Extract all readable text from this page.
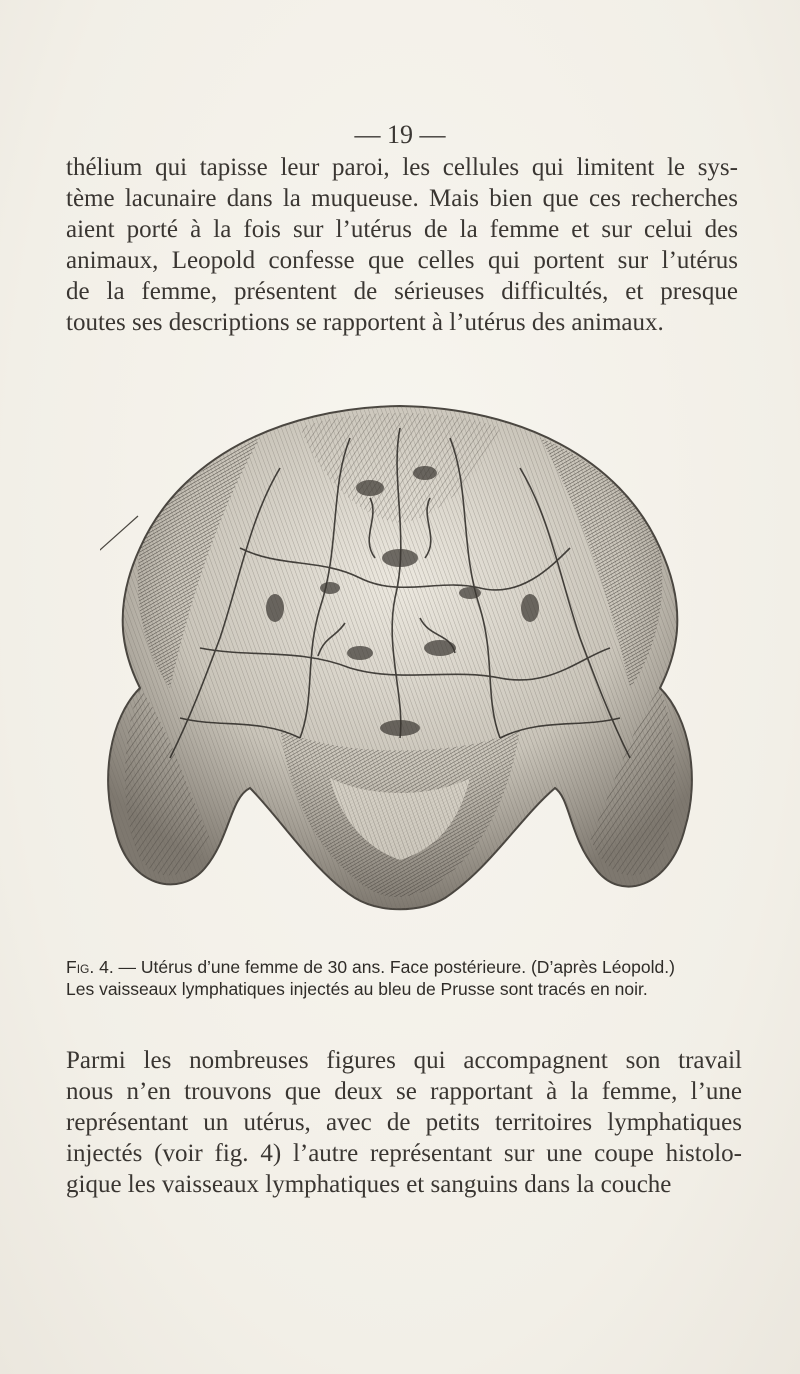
— 19 —
thélium qui tapisse leur paroi, les cellules qui limitent le sys-
tème lacunaire dans la muqueuse. Mais bien que ces recherches
aient porté à la fois sur l’utérus de la femme et sur celui des
animaux, Leopold confesse que celles qui portent sur l’utérus
de la femme, présentent de sérieuses difficultés, et presque
toutes ses descriptions se rapportent à l’utérus des animaux.
Fig. 4. — Utérus d’une femme de 30 ans. Face postérieure. (D’après Léopold.)
Les vaisseaux lymphatiques injectés au bleu de Prusse sont tracés en noir.
Parmi les nombreuses figures qui accompagnent son travail
nous n’en trouvons que deux se rapportant à la femme, l’une
représentant un utérus, avec de petits territoires lymphatiques
injectés (voir fig. 4) l’autre représentant sur une coupe histolo-
gique les vaisseaux lymphatiques et sanguins dans la couche
